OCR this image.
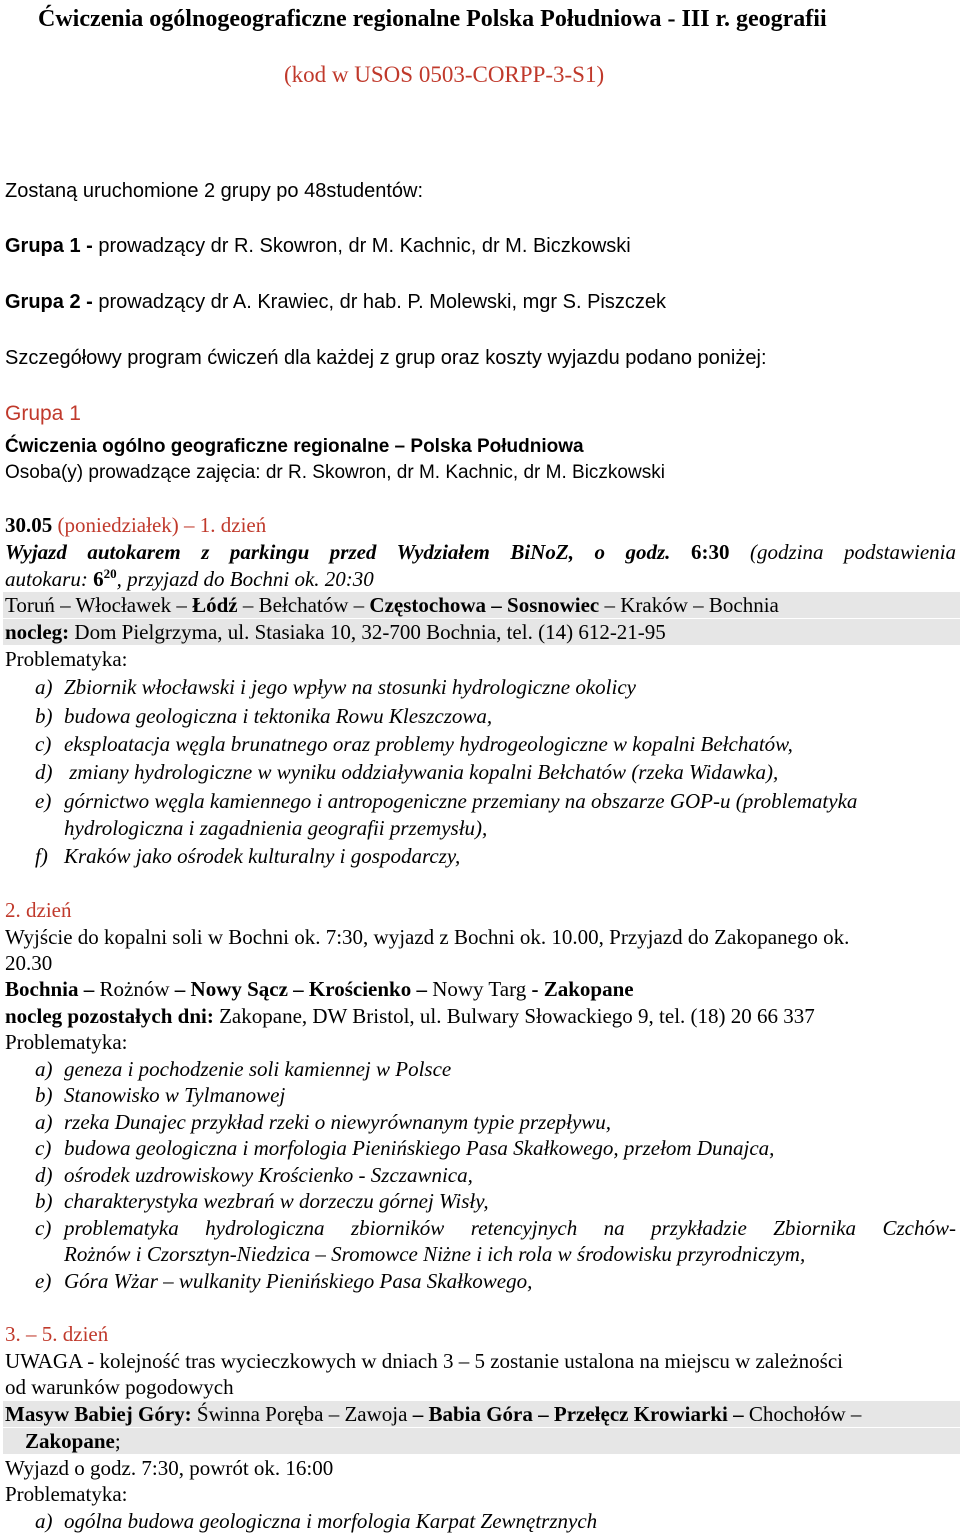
Ćwiczenia ogólnogeograficzne regionalne Polska Południowa - III r. geografii
(kod w USOS 0503-CORPP-3-S1)
Zostaną uruchomione 2 grupy po 48studentów:
Grupa 1 - prowadzący dr R. Skowron, dr M. Kachnic, dr M. Biczkowski
Grupa 2 - prowadzący dr A. Krawiec, dr hab. P. Molewski, mgr S. Piszczek
Szczegółowy program ćwiczeń dla każdej z grup oraz koszty wyjazdu podano poniżej:
Grupa 1
Ćwiczenia ogólno geograficzne regionalne – Polska Południowa
Osoba(y) prowadzące zajęcia: dr R. Skowron, dr M. Kachnic, dr M. Biczkowski
30.05 (poniedziałek) – 1. dzień
Wyjazd autokarem z parkingu przed Wydziałem BiNoZ, o godz. 6:30 (godzina podstawienia
autokaru: $6^{20}$, przyjazd do Bochni ok. 20:30
Toruń – Włocławek – Łódź – Bełchatów – Częstochowa – Sosnowiec – Kraków – Bochnia
nocleg: Dom Pielgrzyma, ul. Stasiaka 10, 32-700 Bochnia, tel. (14) 612-21-95
Problematyka:
a) Zbiornik włocławski i jego wpływ na stosunki hydrologiczne okolicy
b) budowa geologiczna i tektonika Rowu Kleszczowa,
c) eksploatacja węgla brunatnego oraz problemy hydrogeologiczne w kopalni Bełchatów,
d) zmiany hydrologiczne w wyniku oddziaływania kopalni Bełchatów (rzeka Widawka),
e) górnictwo węgla kamiennego i antropogeniczne przemiany na obszarze GOP-u (problematyka
hydrologiczna i zagadnienia geografii przemysłu),
f) Kraków jako ośrodek kulturalny i gospodarczy,
2. dzień
Wyjście do kopalni soli w Bochni ok. 7:30, wyjazd z Bochni ok. 10.00, Przyjazd do Zakopanego ok.
20.30
Bochnia – Rożnów – Nowy Sącz – Krościenko – Nowy Targ - Zakopane
nocleg pozostałych dni: Zakopane, DW Bristol, ul. Bulwary Słowackiego 9, tel. (18) 20 66 337
Problematyka:
a) geneza i pochodzenie soli kamiennej w Polsce
b) Stanowisko w Tylmanowej
a) rzeka Dunajec przykład rzeki o niewyrównanym typie przepływu,
c) budowa geologiczna i morfologia Pienińskiego Pasa Skałkowego, przełom Dunajca,
d) ośrodek uzdrowiskowy Krościenko - Szczawnica,
b) charakterystyka wezbrań w dorzeczu górnej Wisły,
c) problematyka hydrologiczna zbiorników retencyjnych na przykładzie Zbiornika Czchów-
Rożnów i Czorsztyn-Niedzica – Sromowce Niżne i ich rola w środowisku przyrodniczym,
e) Góra Wżar – wulkanity Pienińskiego Pasa Skałkowego,
3. – 5. dzień
UWAGA - kolejność tras wycieczkowych w dniach 3 – 5 zostanie ustalona na miejscu w zależności
od warunków pogodowych
Masyw Babiej Góry: Świnna Poręba – Zawoja – Babia Góra – Przełęcz Krowiarki – Chochołów –
Zakopane;
Wyjazd o godz. 7:30, powrót ok. 16:00
Problematyka:
a) ogólna budowa geologiczna i morfologia Karpat Zewnętrznych
